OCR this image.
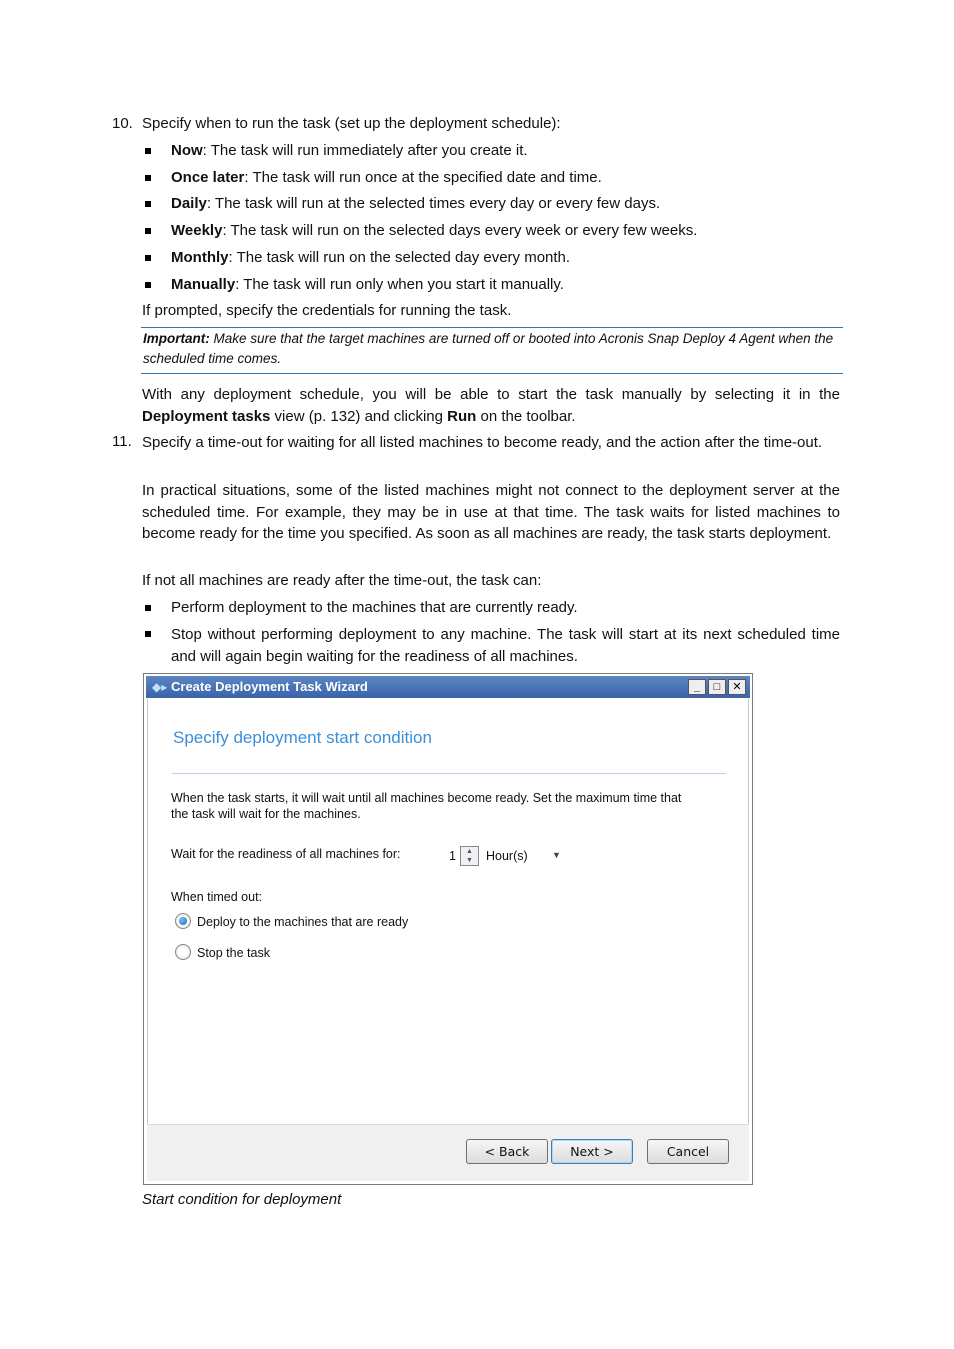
10. Specify when to run the task (set up the deployment schedule):
Now: The task will run immediately after you create it.
Once later: The task will run once at the specified date and time.
Daily: The task will run at the selected times every day or every few days.
Weekly: The task will run on the selected days every week or every few weeks.
Monthly: The task will run on the selected day every month.
Manually: The task will run only when you start it manually.
If prompted, specify the credentials for running the task.
Important: Make sure that the target machines are turned off or booted into Acronis Snap Deploy 4 Agent when the scheduled time comes.
With any deployment schedule, you will be able to start the task manually by selecting it in the Deployment tasks view (p. 132) and clicking Run on the toolbar.
11. Specify a time-out for waiting for all listed machines to become ready, and the action after the time-out.
In practical situations, some of the listed machines might not connect to the deployment server at the scheduled time. For example, they may be in use at that time. The task waits for listed machines to become ready for the time you specified. As soon as all machines are ready, the task starts deployment.
If not all machines are ready after the time-out, the task can:
Perform deployment to the machines that are currently ready.
Stop without performing deployment to any machine. The task will start at its next scheduled time and will again begin waiting for the readiness of all machines.
◆▸ Create Deployment Task Wizard	_	□	✕
Specify deployment start condition
When the task starts, it will wait until all machines become ready. Set the maximum time that
the task will wait for the machines.
Wait for the readiness of all machines for:	1	▲
▼	Hour(s)	▼
When timed out:
Deploy to the machines that are ready
Stop the task
< Back	Next >	Cancel
Start condition for deployment
